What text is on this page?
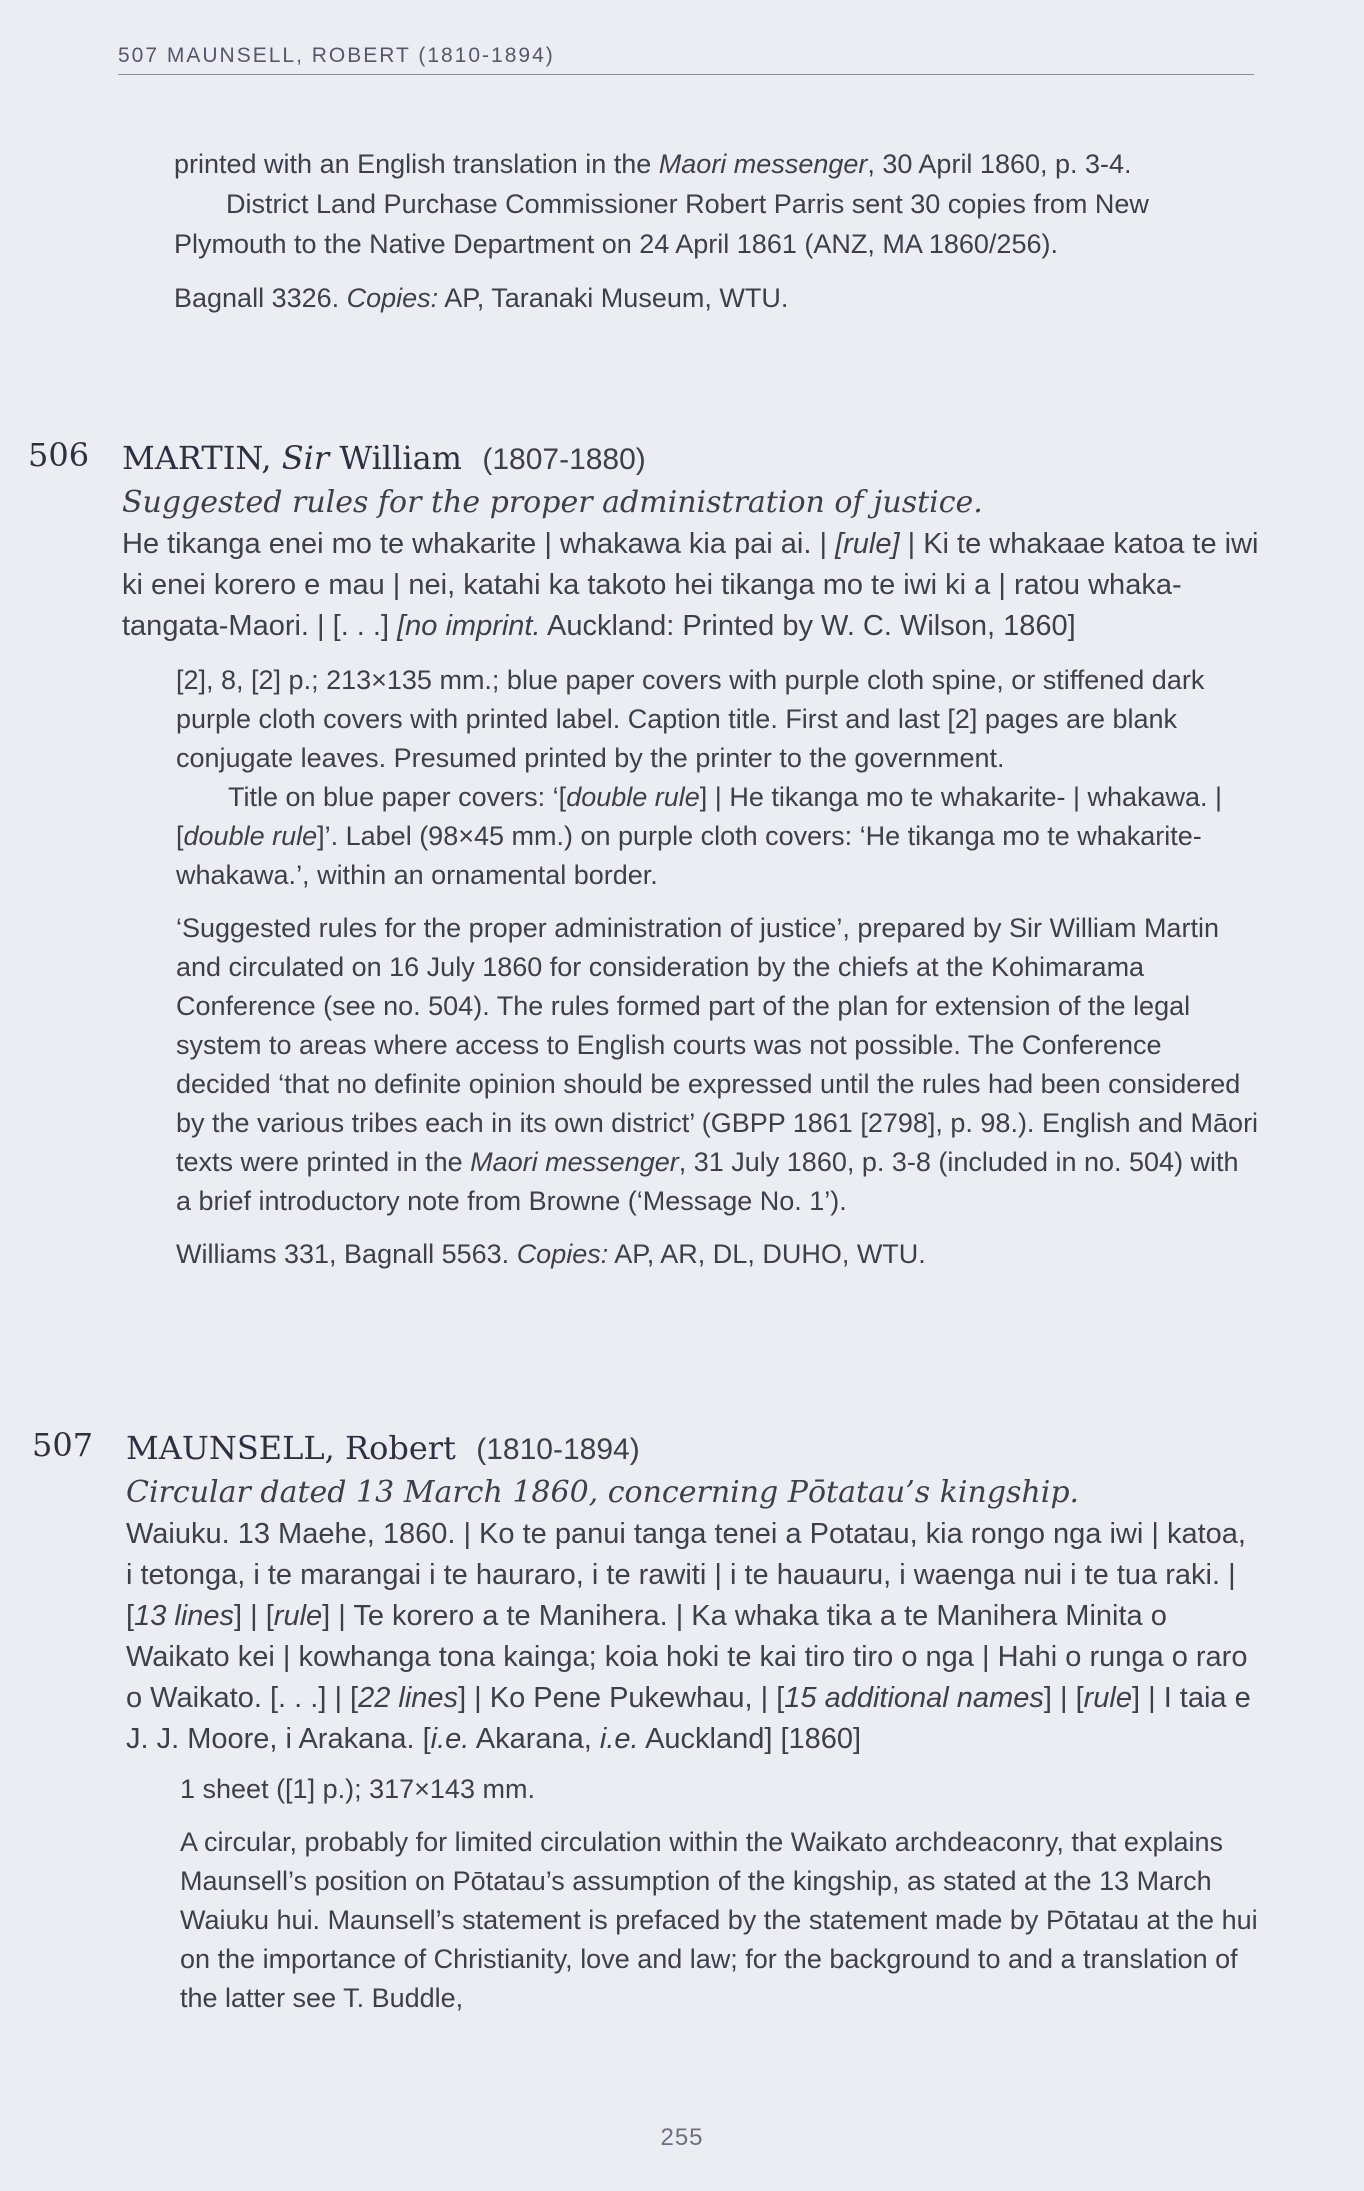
507 MAUNSELL, ROBERT (1810-1894)

printed with an English translation in the Maori messenger, 30 April 1860, p. 3-4.

District Land Purchase Commissioner Robert Parris sent 30 copies from New Plymouth to the Native Department on 24 April 1861 (ANZ, MA 1860/256).

Bagnall 3326. Copies: AP, Taranaki Museum, WTU.

506 MARTIN, Sir William (1807-1880)
Suggested rules for the proper administration of justice.

He tikanga enei mo te whakarite | whakawa kia pai ai. | [rule] | Ki te whakaae katoa te iwi ki enei korero e mau | nei, katahi ka takoto hei tikanga mo te iwi ki a | ratou whaka-tangata-Maori. | [. . .] [no imprint. Auckland: Printed by W. C. Wilson, 1860]

[2], 8, [2] p.; 213×135 mm.; blue paper covers with purple cloth spine, or stiffened dark purple cloth covers with printed label. Caption title. First and last [2] pages are blank conjugate leaves. Presumed printed by the printer to the government.

Title on blue paper covers: ‘[double rule] | He tikanga mo te whakarite- | whakawa. | [double rule]’. Label (98×45 mm.) on purple cloth covers: ‘He tikanga mo te whakarite-whakawa.’, within an ornamental border.

‘Suggested rules for the proper administration of justice’, prepared by Sir William Martin and circulated on 16 July 1860 for consideration by the chiefs at the Kohimarama Conference (see no. 504). The rules formed part of the plan for extension of the legal system to areas where access to English courts was not possible. The Conference decided ‘that no definite opinion should be expressed until the rules had been considered by the various tribes each in its own district’ (GBPP 1861 [2798], p. 98.). English and Māori texts were printed in the Maori messenger, 31 July 1860, p. 3-8 (included in no. 504) with a brief introductory note from Browne (‘Message No. 1’).

Williams 331, Bagnall 5563. Copies: AP, AR, DL, DUHO, WTU.

507 MAUNSELL, Robert (1810-1894)
Circular dated 13 March 1860, concerning Pōtatau’s kingship.

Waiuku. 13 Maehe, 1860. | Ko te panui tanga tenei a Potatau, kia rongo nga iwi | katoa, i tetonga, i te marangai i te hauraro, i te rawiti | i te hauauru, i waenga nui i te tua raki. | [13 lines] | [rule] | Te korero a te Manihera. | Ka whaka tika a te Manihera Minita o Waikato kei | kowhanga tona kainga; koia hoki te kai tiro tiro o nga | Hahi o runga o raro o Waikato. [. . .] | [22 lines] | Ko Pene Pukewhau, | [15 additional names] | [rule] | I taia e J. J. Moore, i Arakana. [i.e. Akarana, i.e. Auckland] [1860]

1 sheet ([1] p.); 317×143 mm.

A circular, probably for limited circulation within the Waikato archdeaconry, that explains Maunsell’s position on Pōtatau’s assumption of the kingship, as stated at the 13 March Waiuku hui. Maunsell’s statement is prefaced by the statement made by Pōtatau at the hui on the importance of Christianity, love and law; for the background to and a translation of the latter see T. Buddle,

255
